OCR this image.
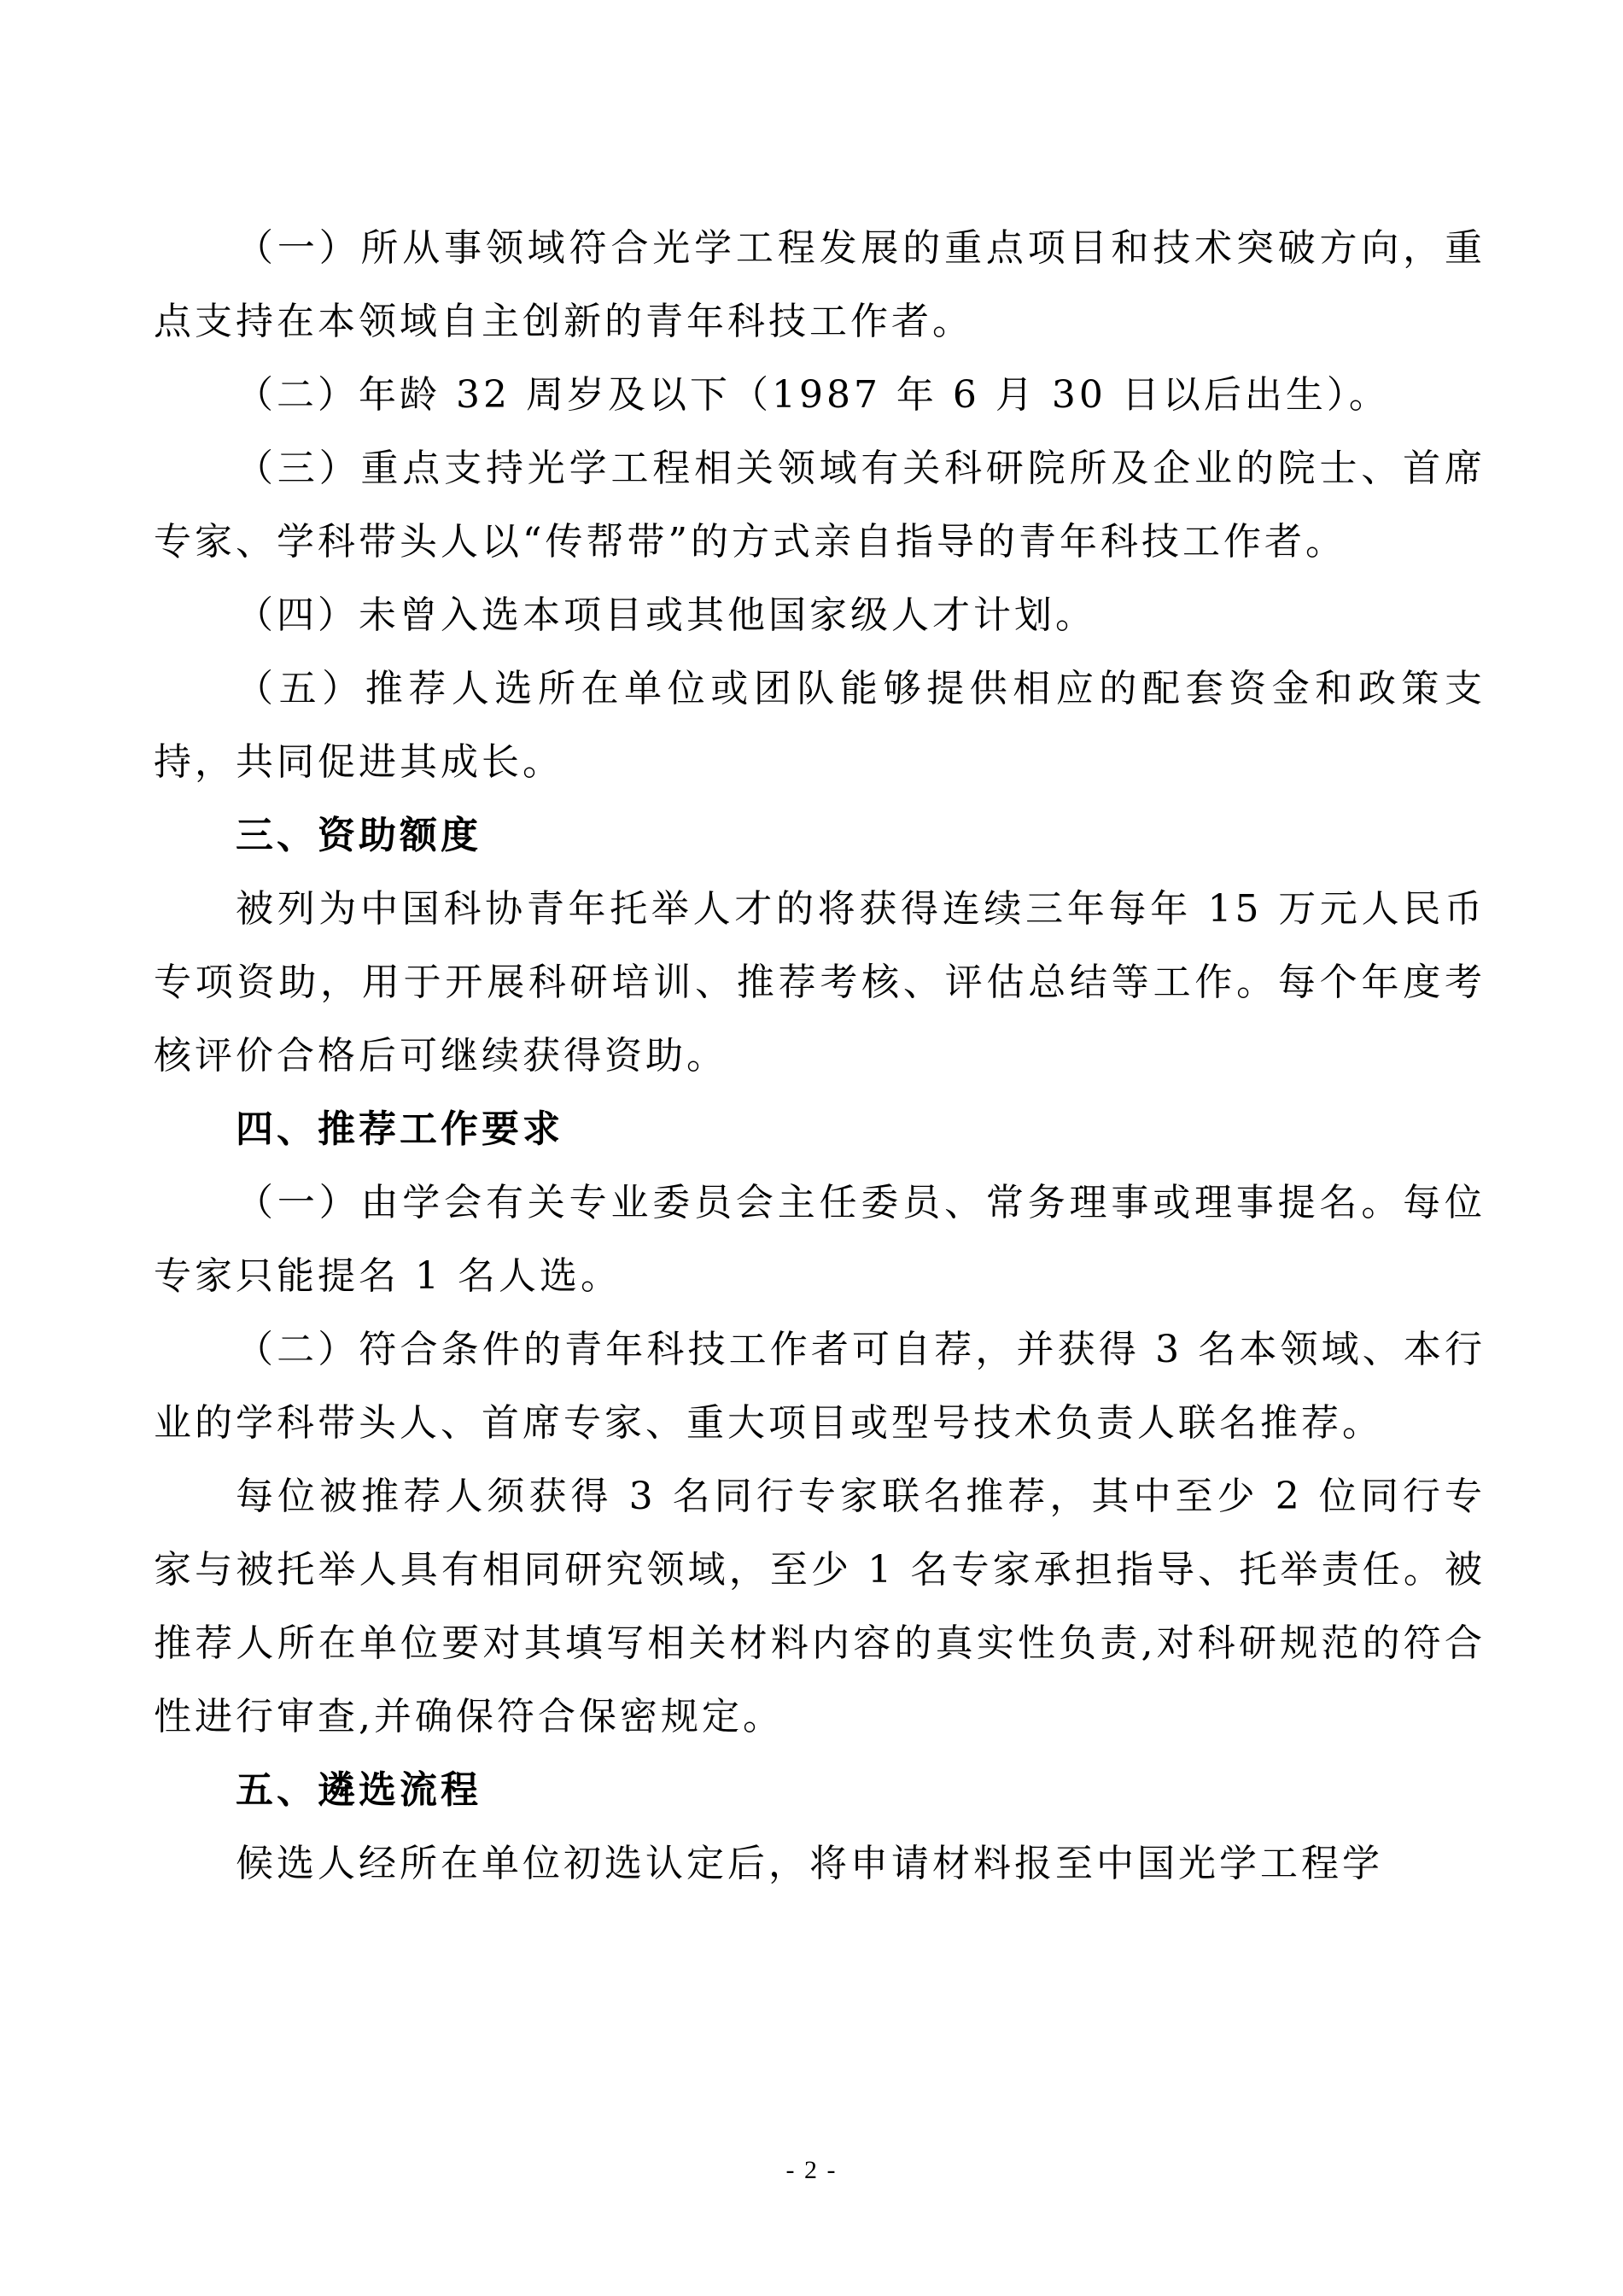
（一）所从事领域符合光学工程发展的重点项目和技术突破方向，重点支持在本领域自主创新的青年科技工作者。

（二）年龄 32 周岁及以下（1987 年 6 月 30 日以后出生）。

（三）重点支持光学工程相关领域有关科研院所及企业的院士、首席专家、学科带头人以“传帮带”的方式亲自指导的青年科技工作者。

（四）未曾入选本项目或其他国家级人才计划。

（五）推荐人选所在单位或团队能够提供相应的配套资金和政策支持，共同促进其成长。

三、资助额度

被列为中国科协青年托举人才的将获得连续三年每年 15 万元人民币专项资助，用于开展科研培训、推荐考核、评估总结等工作。每个年度考核评价合格后可继续获得资助。

四、推荐工作要求

（一）由学会有关专业委员会主任委员、常务理事或理事提名。每位专家只能提名 1 名人选。

（二）符合条件的青年科技工作者可自荐，并获得 3 名本领域、本行业的学科带头人、首席专家、重大项目或型号技术负责人联名推荐。

每位被推荐人须获得 3 名同行专家联名推荐，其中至少 2 位同行专家与被托举人具有相同研究领域，至少 1 名专家承担指导、托举责任。被推荐人所在单位要对其填写相关材料内容的真实性负责,对科研规范的符合性进行审查,并确保符合保密规定。

五、遴选流程

候选人经所在单位初选认定后，将申请材料报至中国光学工程学

- 2 -
